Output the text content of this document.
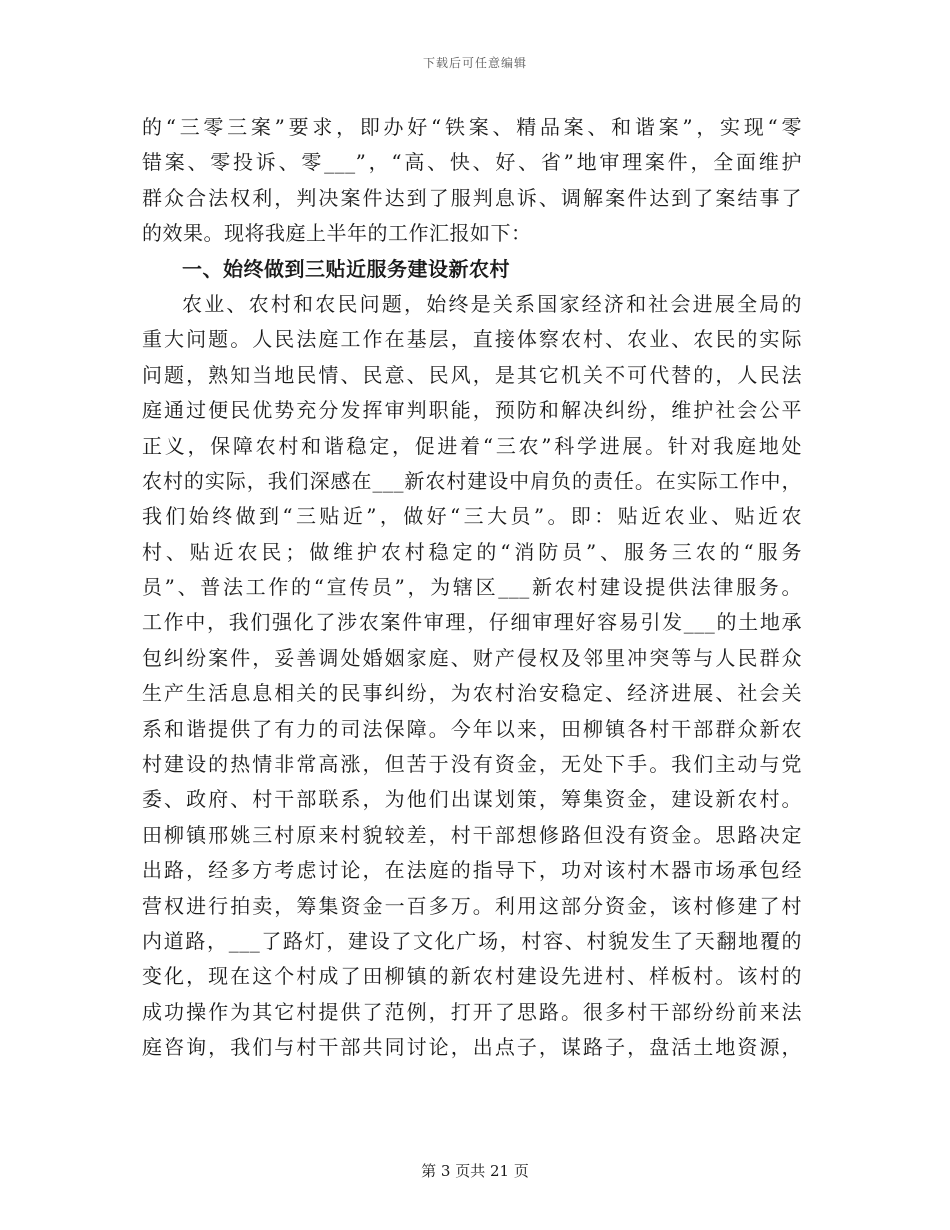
下载后可任意编辑
的“三零三案”要求，即办好“铁案、精品案、和谐案”，实现“零
错案、零投诉、零___”，“高、快、好、省”地审理案件，全面维护
群众合法权利，判决案件达到了服判息诉、调解案件达到了案结事了
的效果。现将我庭上半年的工作汇报如下：
一、始终做到三贴近服务建设新农村
农业、农村和农民问题，始终是关系国家经济和社会进展全局的
重大问题。人民法庭工作在基层，直接体察农村、农业、农民的实际
问题，熟知当地民情、民意、民风，是其它机关不可代替的，人民法
庭通过便民优势充分发挥审判职能，预防和解决纠纷，维护社会公平
正义，保障农村和谐稳定，促进着“三农”科学进展。针对我庭地处
农村的实际，我们深感在___新农村建设中肩负的责任。在实际工作中，
我们始终做到“三贴近”，做好“三大员”。即：贴近农业、贴近农
村、贴近农民；做维护农村稳定的“消防员”、服务三农的“服务
员”、普法工作的“宣传员”，为辖区___新农村建设提供法律服务。
工作中，我们强化了涉农案件审理，仔细审理好容易引发___的土地承
包纠纷案件，妥善调处婚姻家庭、财产侵权及邻里冲突等与人民群众
生产生活息息相关的民事纠纷，为农村治安稳定、经济进展、社会关
系和谐提供了有力的司法保障。今年以来，田柳镇各村干部群众新农
村建设的热情非常高涨，但苦于没有资金，无处下手。我们主动与党
委、政府、村干部联系，为他们出谋划策，筹集资金，建设新农村。
田柳镇邢姚三村原来村貌较差，村干部想修路但没有资金。思路决定
出路，经多方考虑讨论，在法庭的指导下，功对该村木器市场承包经
营权进行拍卖，筹集资金一百多万。利用这部分资金，该村修建了村
内道路，___了路灯，建设了文化广场，村容、村貌发生了天翻地覆的
变化，现在这个村成了田柳镇的新农村建设先进村、样板村。该村的
成功操作为其它村提供了范例，打开了思路。很多村干部纷纷前来法
庭咨询，我们与村干部共同讨论，出点子，谋路子，盘活土地资源，
第 3 页共 21 页
